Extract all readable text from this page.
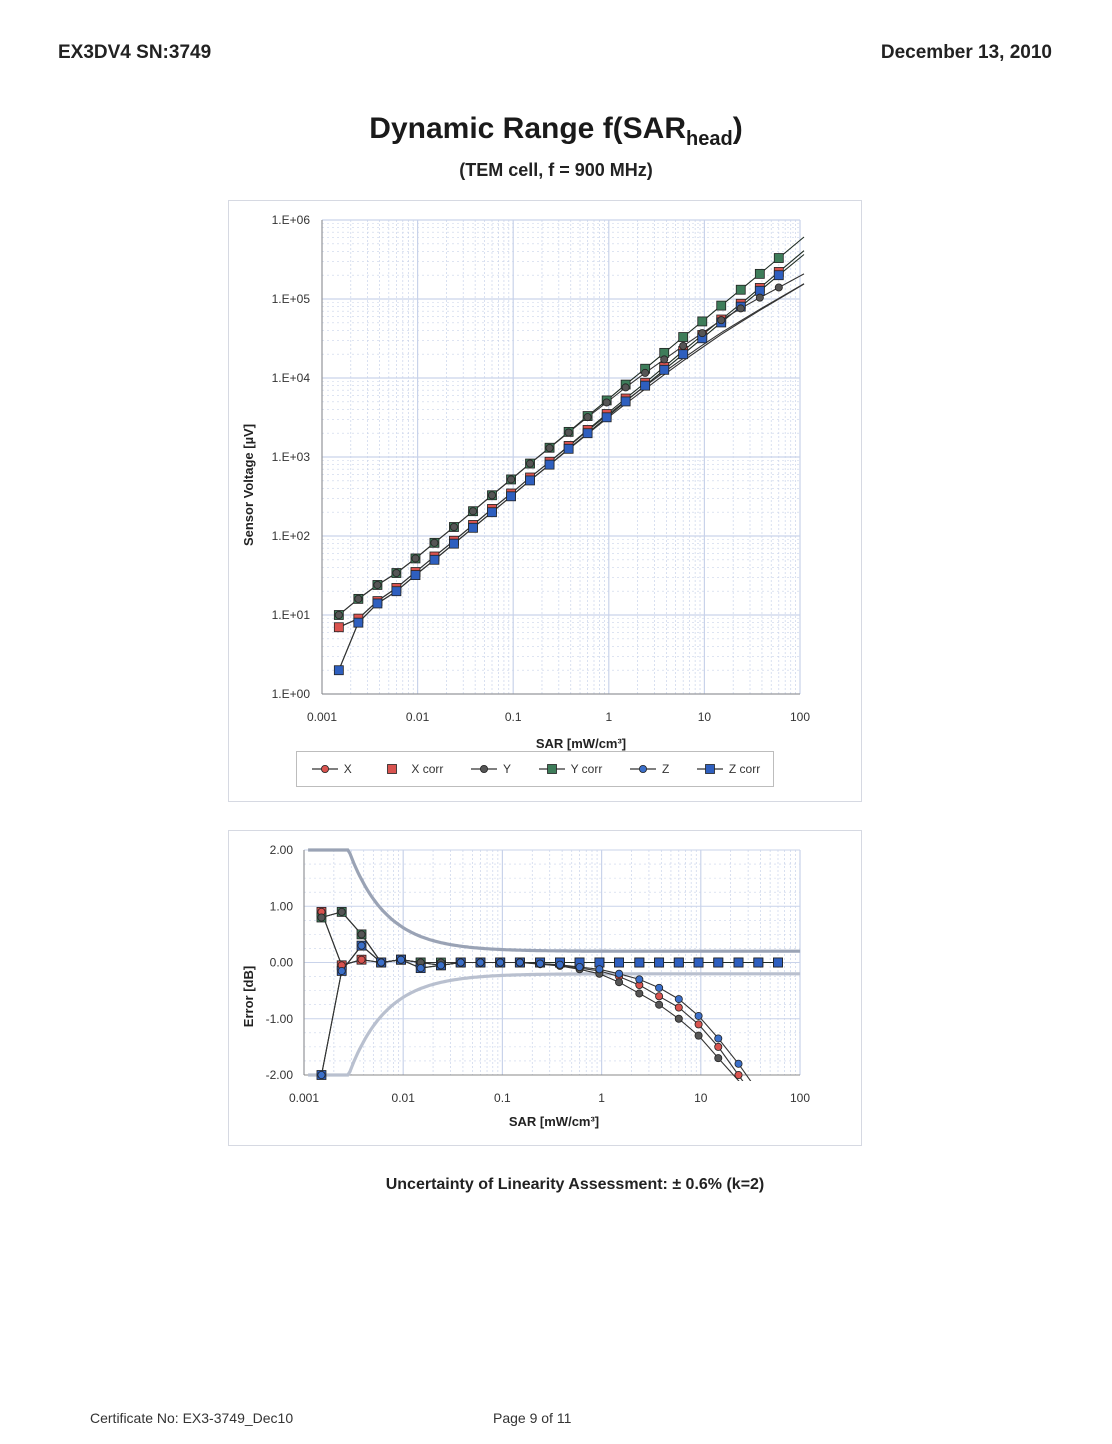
EX3DV4 SN:3749	December 13, 2010
Dynamic Range $f(SAR_{head})$
(TEM cell, f = 900 MHz)
1.E+00
1.E+01
1.E+02
1.E+03
1.E+04
1.E+05
1.E+06
0.001	0.01	0.1	1	10	100
SAR [mW/cm³]
Sensor Voltage [µV]
2.00
1.00
0.00
-1.00
-2.00
0.001	0.01	0.1	1	10	100
SAR [mW/cm³]
Error [dB]
X	X corr	Y	Y corr	Z	Z corr
Uncertainty of Linearity Assessment: ± 0.6% (k=2)
Certificate No: EX3-3749_Dec10	Page 9 of 11
